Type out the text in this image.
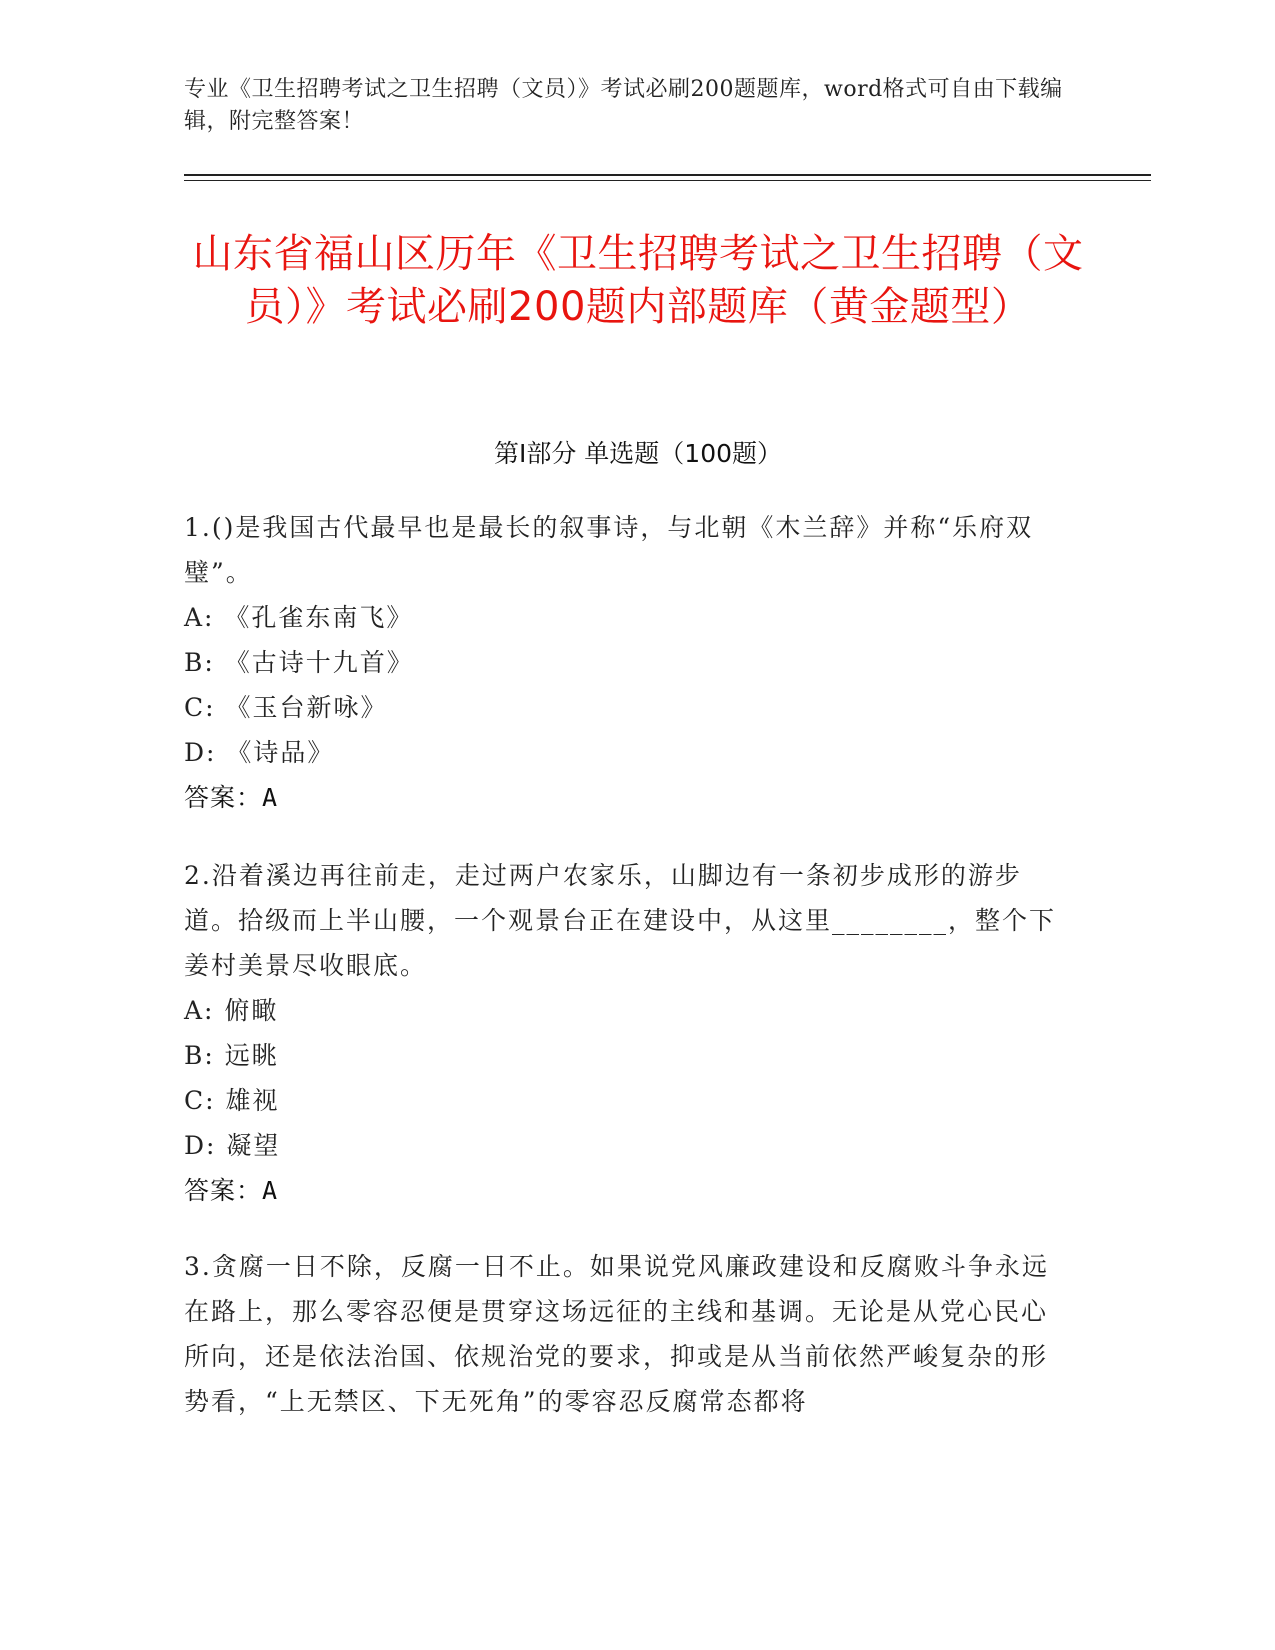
专业《卫生招聘考试之卫生招聘（文员）》考试必刷200题题库，word格式可自由下载编辑，附完整答案！
山东省福山区历年《卫生招聘考试之卫生招聘（文员）》考试必刷200题内部题库（黄金题型）
第Ⅰ部分 单选题（100题）

1.()是我国古代最早也是最长的叙事诗，与北朝《木兰辞》并称“乐府双璧”。

A: 《孔雀东南飞》

B: 《古诗十九首》

C: 《玉台新咏》

D: 《诗品》

答案：A

2.沿着溪边再往前走，走过两户农家乐，山脚边有一条初步成形的游步道。拾级而上半山腰，一个观景台正在建设中，从这里________，整个下姜村美景尽收眼底。

A: 俯瞰

B: 远眺

C: 雄视

D: 凝望

答案：A

3.贪腐一日不除，反腐一日不止。如果说党风廉政建设和反腐败斗争永远在路上，那么零容忍便是贯穿这场远征的主线和基调。无论是从党心民心所向，还是依法治国、依规治党的要求，抑或是从当前依然严峻复杂的形势看，“上无禁区、下无死角”的零容忍反腐常态都将
